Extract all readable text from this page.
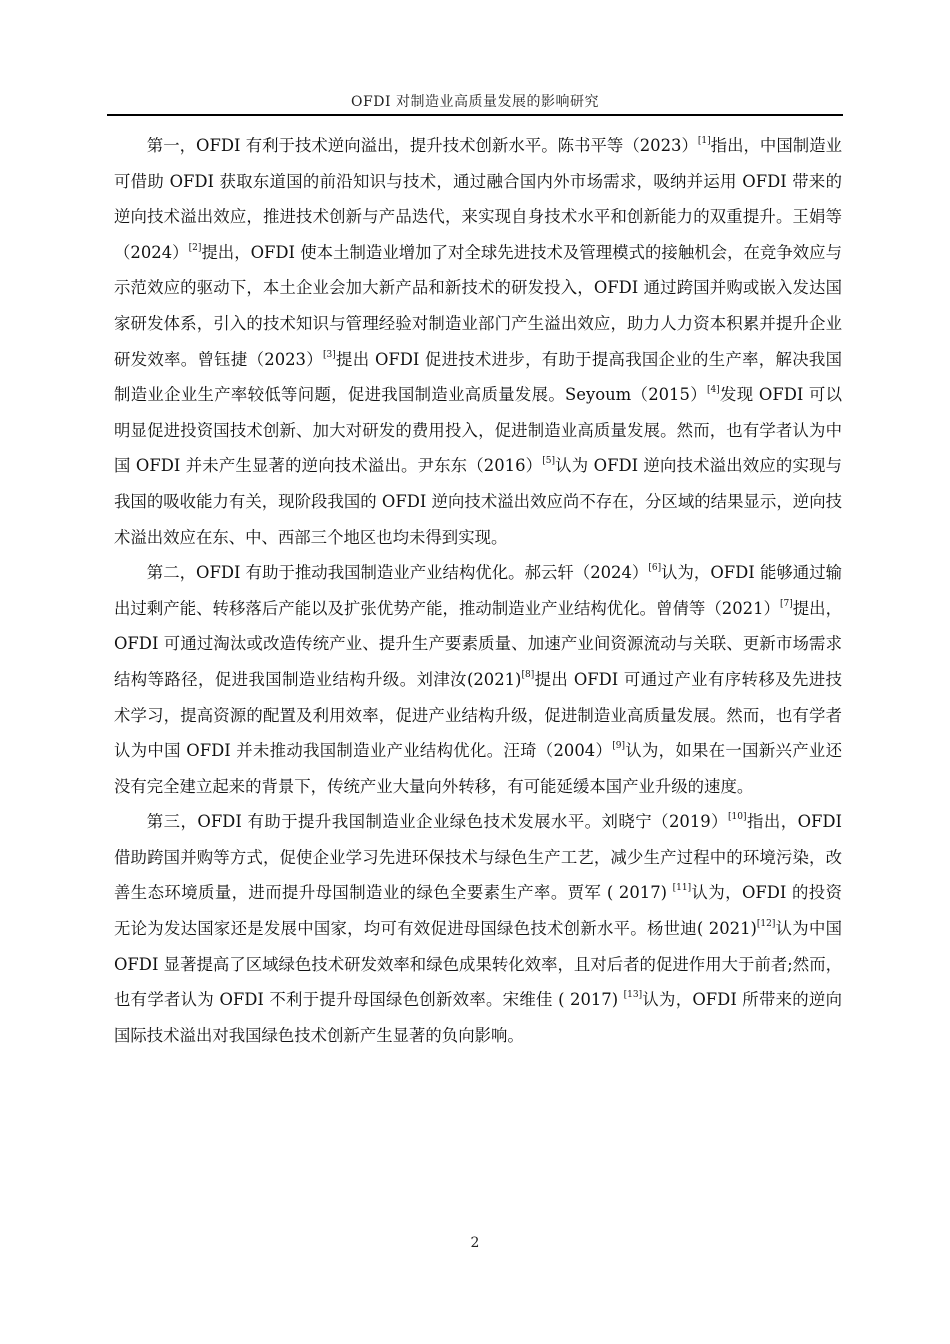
OFDI 对制造业高质量发展的影响研究

第一，OFDI 有利于技术逆向溢出，提升技术创新水平。陈书平等（2023）[1]指出，中国制造业可借助 OFDI 获取东道国的前沿知识与技术，通过融合国内外市场需求，吸纳并运用 OFDI 带来的逆向技术溢出效应，推进技术创新与产品迭代，来实现自身技术水平和创新能力的双重提升。王娟等（2024）[2]提出，OFDI 使本土制造业增加了对全球先进技术及管理模式的接触机会，在竞争效应与示范效应的驱动下，本土企业会加大新产品和新技术的研发投入，OFDI 通过跨国并购或嵌入发达国家研发体系，引入的技术知识与管理经验对制造业部门产生溢出效应，助力人力资本积累并提升企业研发效率。曾钰捷（2023）[3]提出 OFDI 促进技术进步，有助于提高我国企业的生产率，解决我国制造业企业生产率较低等问题，促进我国制造业高质量发展。Seyoum（2015）[4]发现 OFDI 可以明显促进投资国技术创新、加大对研发的费用投入，促进制造业高质量发展。然而，也有学者认为中国 OFDI 并未产生显著的逆向技术溢出。尹东东（2016）[5]认为 OFDI 逆向技术溢出效应的实现与我国的吸收能力有关，现阶段我国的 OFDI 逆向技术溢出效应尚不存在，分区域的结果显示，逆向技术溢出效应在东、中、西部三个地区也均未得到实现。

第二，OFDI 有助于推动我国制造业产业结构优化。郝云轩（2024）[6]认为，OFDI 能够通过输出过剩产能、转移落后产能以及扩张优势产能，推动制造业产业结构优化。曾倩等（2021）[7]提出，OFDI 可通过淘汰或改造传统产业、提升生产要素质量、加速产业间资源流动与关联、更新市场需求结构等路径，促进我国制造业结构升级。刘津汝(2021)[8]提出 OFDI 可通过产业有序转移及先进技术学习，提高资源的配置及利用效率，促进产业结构升级，促进制造业高质量发展。然而，也有学者认为中国 OFDI 并未推动我国制造业产业结构优化。汪琦（2004）[9]认为，如果在一国新兴产业还没有完全建立起来的背景下，传统产业大量向外转移，有可能延缓本国产业升级的速度。

第三，OFDI 有助于提升我国制造业企业绿色技术发展水平。刘晓宁（2019）[10]指出，OFDI 借助跨国并购等方式，促使企业学习先进环保技术与绿色生产工艺，减少生产过程中的环境污染，改善生态环境质量，进而提升母国制造业的绿色全要素生产率。贾军 ( 2017) [11]认为，OFDI 的投资无论为发达国家还是发展中国家，均可有效促进母国绿色技术创新水平。杨世迪( 2021)[12]认为中国 OFDI 显著提高了区域绿色技术研发效率和绿色成果转化效率，且对后者的促进作用大于前者;然而，也有学者认为 OFDI 不利于提升母国绿色创新效率。宋维佳 ( 2017) [13]认为，OFDI 所带来的逆向国际技术溢出对我国绿色技术创新产生显著的负向影响。

2
